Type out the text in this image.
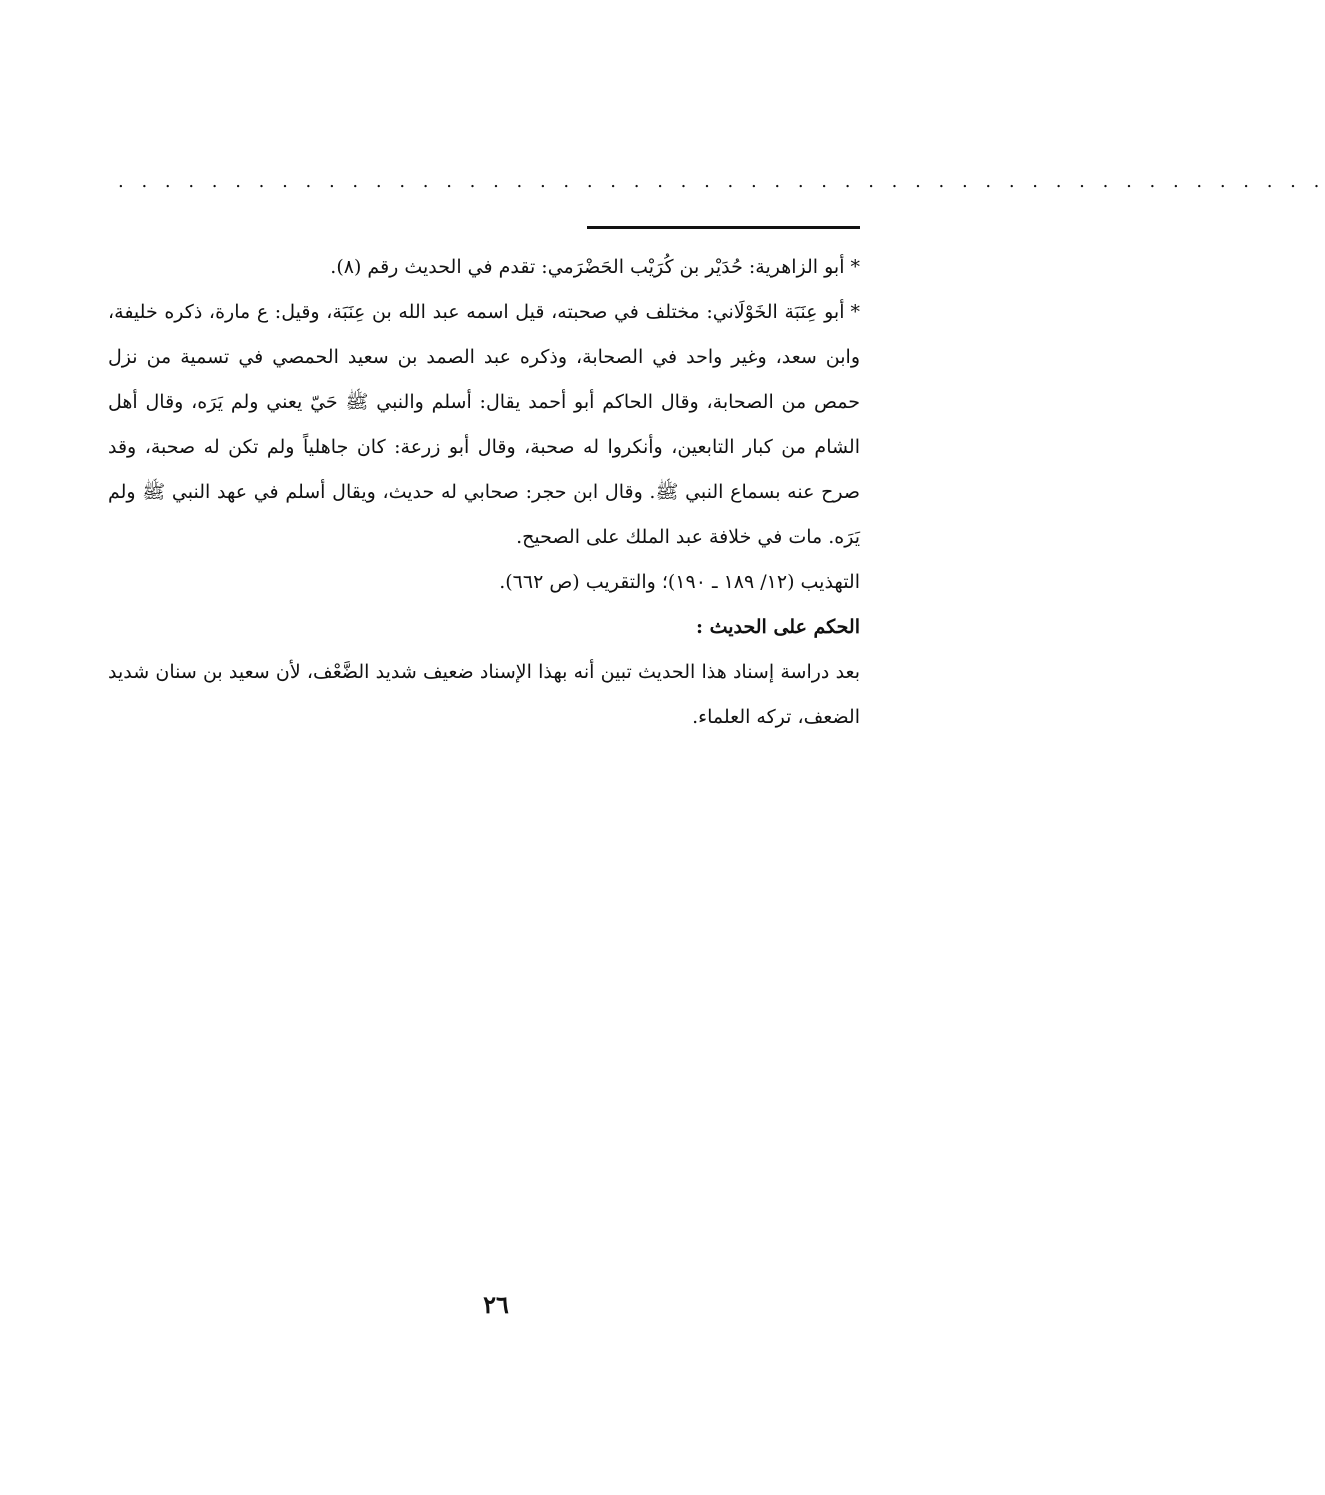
. . . . . . . . . . . . . . . . . . . . . . . . . . . . . . . . . . . . . . . . . . . . . . . . . . . .

*أبو الزاهرية: حُدَيْر بن كُرَيْب الحَضْرَمي: تقدم في الحديث رقم (٨).

*أبو عِنَبَة الخَوْلَاني: مختلف في صحبته، قيل اسمه عبد الله بن عِنَبَة، وقيل: ع مارة، ذكره خليفة، وابن سعد، وغير واحد في الصحابة، وذكره عبد الصمد بن سعيد الحمصي في تسمية من نزل حمص من الصحابة، وقال الحاكم أبو أحمد يقال: أسلم والنبي ﷺ حَيّ يعني ولم يَرَه، وقال أهل الشام من كبار التابعين، وأنكروا له صحبة، وقال أبو زرعة: كان جاهلياً ولم تكن له صحبة، وقد صرح عنه بسماع النبي ﷺ. وقال ابن حجر: صحابي له حديث، ويقال أسلم في عهد النبي ﷺ ولم يَرَه. مات في خلافة عبد الملك على الصحيح.

التهذيب (١٢/ ١٨٩ ـ ١٩٠)؛ والتقريب (ص ٦٦٢).

الحكم على الحديث :

بعد دراسة إسناد هذا الحديث تبين أنه بهذا الإسناد ضعيف شديد الضَّعْف، لأن سعيد بن سنان شديد الضعف، تركه العلماء.

٢٦
